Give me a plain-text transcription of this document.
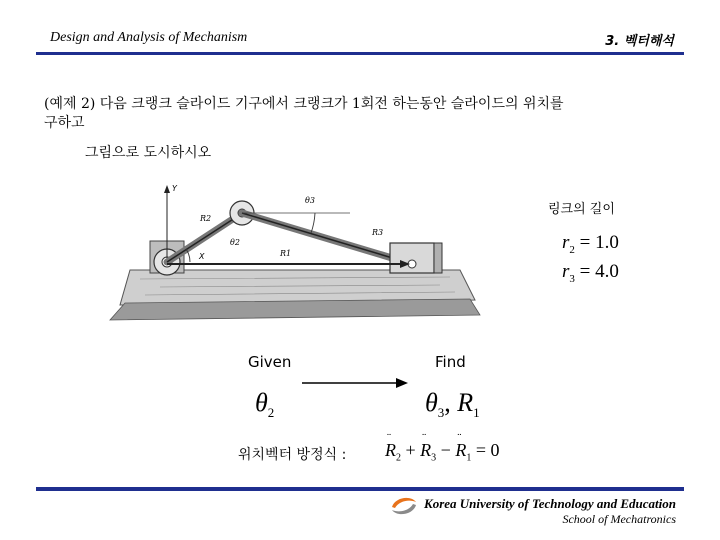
Design and Analysis of Mechanism	3. 벡터해석
(예제 2) 다음 크랭크 슬라이드 기구에서 크랭크가 1회전 하는동안 슬라이드의 위치를
구하고
그림으로 도시하시오
Y
X
R2
R3
θ3
θ2
R1
링크의 길이
$r_2 = 1.0$
$r_3 = 4.0$
Given	Find
$\theta_2$	$\theta_3$, $R_1$
위치벡터 방정식 : ¨ $R_2$ + ¨ $R_3$ − ¨ $R_1 = 0$
Korea University of Technology and Education
School of Mechatronics
